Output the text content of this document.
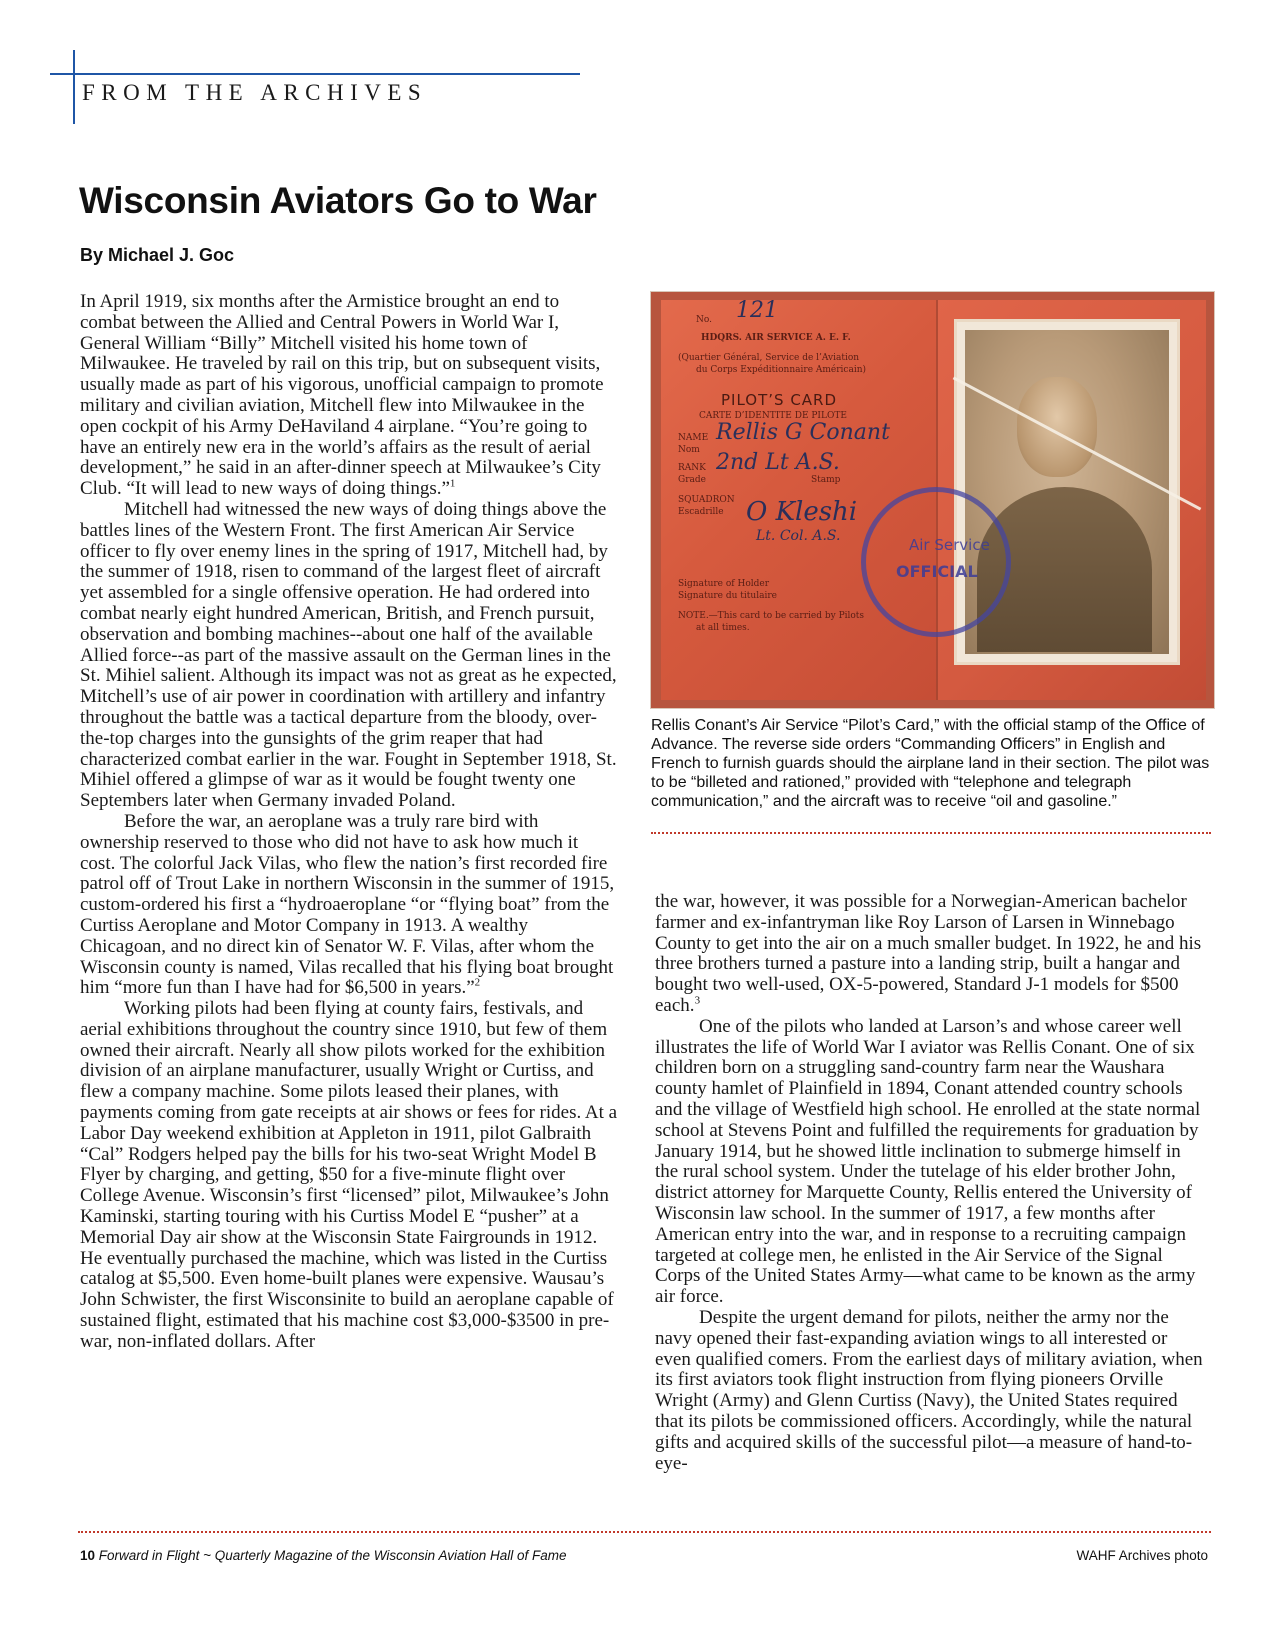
FROM THE ARCHIVES
Wisconsin Aviators Go to War

By Michael J. Goc

In April 1919, six months after the Armistice brought an end to combat between the Allied and Central Powers in World War I, General William “Billy” Mitchell visited his home town of Milwaukee. He traveled by rail on this trip, but on subsequent visits, usually made as part of his vigorous, unofficial campaign to promote military and civilian aviation, Mitchell flew into Milwaukee in the open cockpit of his Army DeHaviland 4 airplane. “You’re going to have an entirely new era in the world’s affairs as the result of aerial development,” he said in an after-dinner speech at Milwaukee’s City Club. “It will lead to new ways of doing things.”$^1$

Mitchell had witnessed the new ways of doing things above the battles lines of the Western Front. The first American Air Service officer to fly over enemy lines in the spring of 1917, Mitchell had, by the summer of 1918, risen to command of the largest fleet of aircraft yet assembled for a single offensive operation. He had ordered into combat nearly eight hundred American, British, and French pursuit, observation and bombing machines--about one half of the available Allied force--as part of the massive assault on the German lines in the St. Mihiel salient. Although its impact was not as great as he expected, Mitchell’s use of air power in coordination with artillery and infantry throughout the battle was a tactical departure from the bloody, over-the-top charges into the gunsights of the grim reaper that had characterized combat earlier in the war. Fought in September 1918, St. Mihiel offered a glimpse of war as it would be fought twenty one Septembers later when Germany invaded Poland.

Before the war, an aeroplane was a truly rare bird with ownership reserved to those who did not have to ask how much it cost. The colorful Jack Vilas, who flew the nation’s first recorded fire patrol off of Trout Lake in northern Wisconsin in the summer of 1915, custom-ordered his first a “hydroaeroplane “or “flying boat” from the Curtiss Aeroplane and Motor Company in 1913. A wealthy Chicagoan, and no direct kin of Senator W. F. Vilas, after whom the Wisconsin county is named, Vilas recalled that his flying boat brought him “more fun than I have had for $6,500 in years.”$^2$

Working pilots had been flying at county fairs, festivals, and aerial exhibitions throughout the country since 1910, but few of them owned their aircraft. Nearly all show pilots worked for the exhibition division of an airplane manufacturer, usually Wright or Curtiss, and flew a company machine. Some pilots leased their planes, with payments coming from gate receipts at air shows or fees for rides. At a Labor Day weekend exhibition at Appleton in 1911, pilot Galbraith “Cal” Rodgers helped pay the bills for his two-seat Wright Model B Flyer by charging, and getting, $50 for a five-minute flight over College Avenue. Wisconsin’s first “licensed” pilot, Milwaukee’s John Kaminski, starting touring with his Curtiss Model E “pusher” at a Memorial Day air show at the Wisconsin State Fairgrounds in 1912. He eventually purchased the machine, which was listed in the Curtiss catalog at $5,500. Even home-built planes were expensive. Wausau’s John Schwister, the first Wisconsinite to build an aeroplane capable of sustained flight, estimated that his machine cost $3,000-$3500 in pre-war, non-inflated dollars. After

No. 121
HDQRS. AIR SERVICE A. E. F.
(Quartier Général, Service de l’Aviation
du Corps Expéditionnaire Américain)
PILOT’S CARD
CARTE D’IDENTITE DE PILOTE
NAME
Nom
Rellis G Conant
RANK
Grade
2nd Lt A.S.
Stamp
SQUADRON
Escadrille O Kleshi
Lt. Col. A.S.
Signature of Holder
Signature du titulaire
NOTE.—This card to be carried by Pilots
at all times.
Air Service
OFFICIAL

Rellis Conant’s Air Service “Pilot’s Card,” with the official stamp of the Office of Advance. The reverse side orders “Commanding Officers” in English and French to furnish guards should the airplane land in their section. The pilot was to be “billeted and rationed,” provided with “telephone and telegraph communication,” and the aircraft was to receive “oil and gasoline.”

the war, however, it was possible for a Norwegian-American bachelor farmer and ex-infantryman like Roy Larson of Larsen in Winnebago County to get into the air on a much smaller budget. In 1922, he and his three brothers turned a pasture into a landing strip, built a hangar and bought two well-used, OX-5-powered, Standard J-1 models for $500 each.$^3$

One of the pilots who landed at Larson’s and whose career well illustrates the life of World War I aviator was Rellis Conant. One of six children born on a struggling sand-country farm near the Waushara county hamlet of Plainfield in 1894, Conant attended country schools and the village of Westfield high school. He enrolled at the state normal school at Stevens Point and fulfilled the requirements for graduation by January 1914, but he showed little inclination to submerge himself in the rural school system. Under the tutelage of his elder brother John, district attorney for Marquette County, Rellis entered the University of Wisconsin law school. In the summer of 1917, a few months after American entry into the war, and in response to a recruiting campaign targeted at college men, he enlisted in the Air Service of the Signal Corps of the United States Army—what came to be known as the army air force.

Despite the urgent demand for pilots, neither the army nor the navy opened their fast-expanding aviation wings to all interested or even qualified comers. From the earliest days of military aviation, when its first aviators took flight instruction from flying pioneers Orville Wright (Army) and Glenn Curtiss (Navy), the United States required that its pilots be commissioned officers. Accordingly, while the natural gifts and acquired skills of the successful pilot—a measure of hand-to-eye-

10 Forward in Flight ~ Quarterly Magazine of the Wisconsin Aviation Hall of Fame	WAHF Archives photo
